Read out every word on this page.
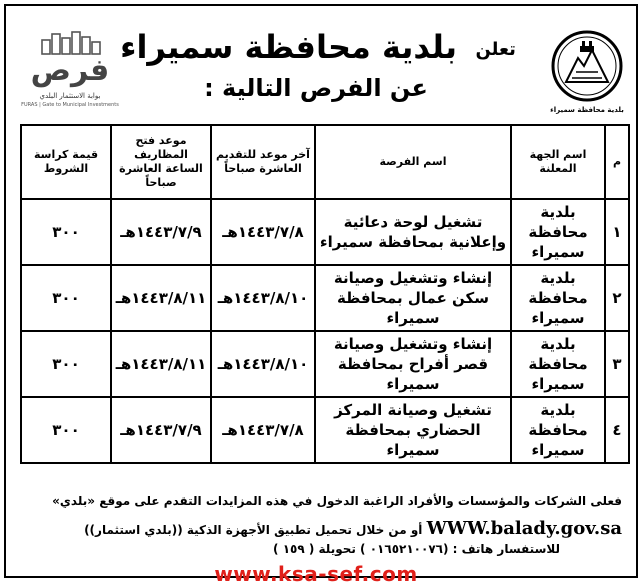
بلدية محافظة سميراء
تعلن بلدية محافظة سميراء
عن الفرص التالية :
فرص
بوابة الاستثمار البلدي
FURAS | Gate to Municipal Investments
م	اسم الجهة المعلنة	اسم الفرصة	آخر موعد للتقديم العاشرة صباحاً	موعد فتح المظاريف الساعة العاشرة صباحاً	قيمة كراسة الشروط
١	بلدية محافظة سميراء	تشغيل لوحة دعائية وإعلانية بمحافظة سميراء	١٤٤٣/٧/٨هـ	١٤٤٣/٧/٩هـ	٣٠٠
٢	بلدية محافظة سميراء	إنشاء وتشغيل وصيانة سكن عمال بمحافظة سميراء	١٤٤٣/٨/١٠هـ	١٤٤٣/٨/١١هـ	٣٠٠
٣	بلدية محافظة سميراء	إنشاء وتشغيل وصيانة قصر أفراح بمحافظة سميراء	١٤٤٣/٨/١٠هـ	١٤٤٣/٨/١١هـ	٣٠٠
٤	بلدية محافظة سميراء	تشغيل وصيانة المركز الحضاري بمحافظة سميراء	١٤٤٣/٧/٨هـ	١٤٤٣/٧/٩هـ	٣٠٠
فعلى الشركات والمؤسسات والأفراد الراغبة الدخول في هذه المزايدات التقدم على موقع «بلدي»
WWW.balady.gov.sa أو من خلال تحميل تطبيق الأجهزة الذكية ((بلدي استثمار))
للاستفسار هاتف : (٠١٦٥٢١٠٠٧٦ ) تحويلة ( ١٥٩ )
www.ksa-sef.com
